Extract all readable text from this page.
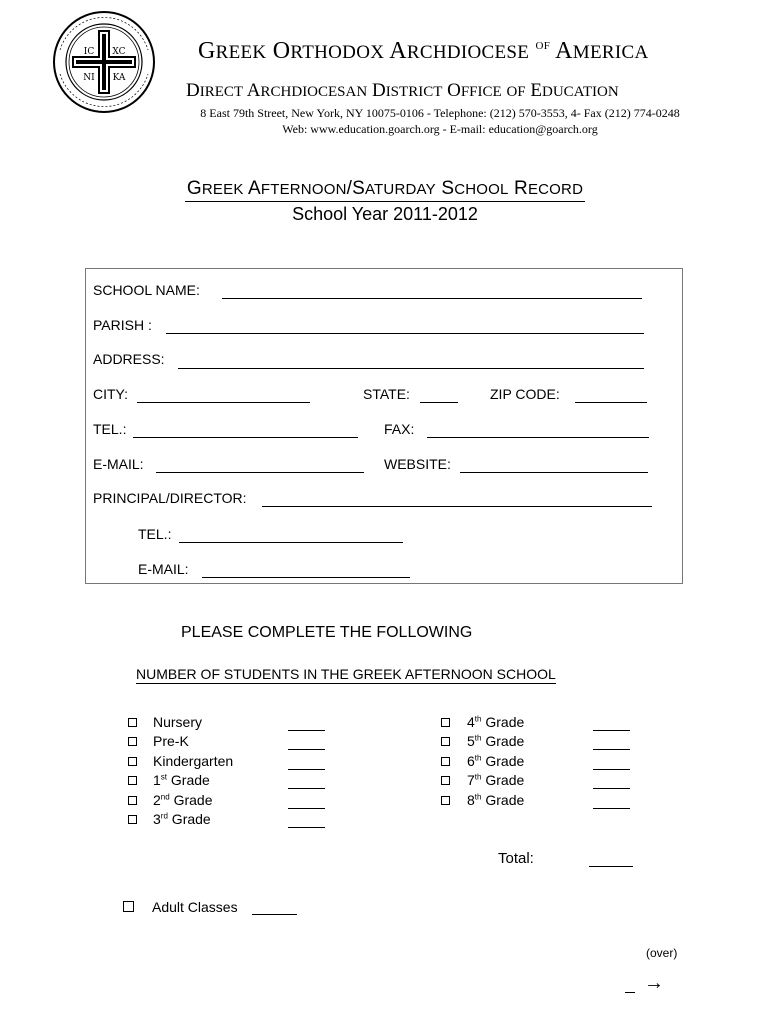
IC XC
NI KA
GREEK ORTHODOX ARCHDIOCESE $^{OF}$ AMERICA
DIRECT ARCHDIOCESAN DISTRICT OFFICE OF EDUCATION
8 East 79th Street, New York, NY 10075-0106 - Telephone: (212) 570-3553, 4- Fax (212) 774-0248
Web: www.education.goarch.org - E-mail: education@goarch.org
GREEK AFTERNOON/SATURDAY SCHOOL RECORD
School Year 2011-2012
SCHOOL NAME:
PARISH :
ADDRESS:
CITY:	STATE:	ZIP CODE:
TEL.:	FAX:
E-MAIL:	WEBSITE:
PRINCIPAL/DIRECTOR:
TEL.:
E-MAIL:
PLEASE COMPLETE THE FOLLOWING
NUMBER OF STUDENTS IN THE GREEK AFTERNOON SCHOOL
Nursery
Pre-K
Kindergarten
1st Grade
2nd Grade
3rd Grade
4th Grade
5th Grade
6th Grade
7th Grade
8th Grade
Total:
Adult Classes
(over)
→
